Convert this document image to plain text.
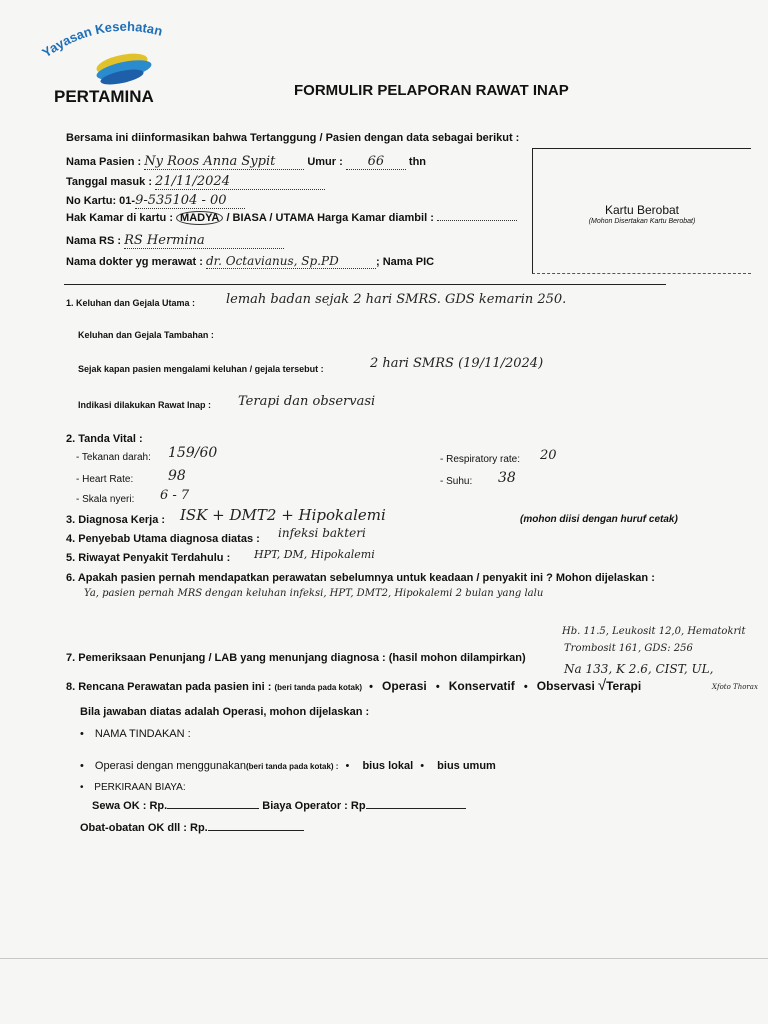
Yayasan Kesehatan
PERTAMINA	FORMULIR PELAPORAN RAWAT INAP
Bersama ini diinformasikan bahwa Tertanggung / Pasien dengan data sebagai berikut :
Nama Pasien : Ny Roos Anna Sypit	Umur : 66 thn
Tanggal masuk : 21/11/2024
No Kartu: 01-9-535104 - 00
Hak Kamar di kartu : MADYA / BIASA / UTAMA Harga Kamar diambil :
Nama RS : RS Hermina
Nama dokter yg merawat : dr. Octavianus, Sp.PD	; Nama PIC
Kartu Berobat
(Mohon Disertakan Kartu Berobat)
1. Keluhan dan Gejala Utama : lemah badan sejak 2 hari SMRS. GDS kemarin 250.
Keluhan dan Gejala Tambahan :
Sejak kapan pasien mengalami keluhan / gejala tersebut :	2 hari SMRS (19/11/2024)
Indikasi dilakukan Rawat Inap : Terapi dan observasi
2. Tanda Vital :
- Tekanan darah: 159/60
- Heart Rate: 98
- Skala nyeri: 6 - 7
- Respiratory rate: 20
- Suhu: 38
3. Diagnosa Kerja : ISK + DMT2 + Hipokalemi	(mohon diisi dengan huruf cetak)
4. Penyebab Utama diagnosa diatas : infeksi bakteri
5. Riwayat Penyakit Terdahulu : HPT, DM, Hipokalemi
6. Apakah pasien pernah mendapatkan perawatan sebelumnya untuk keadaan / penyakit ini ? Mohon dijelaskan :
Ya, pasien pernah MRS dengan keluhan infeksi, HPT, DMT2, Hipokalemi 2 bulan yang lalu
7. Pemeriksaan Penunjang / LAB yang menunjang diagnosa : (hasil mohon dilampirkan)
Hb. 11.5, Leukosit 12,0, Hematokrit
Trombosit 161, GDS: 256
Na 133, K 2.6, CIST, UL,
Xfoto Thorax
8. Rencana Perawatan pada pasien ini : (beri tanda pada kotak) • Operasi • Konservatif • Observasi √Terapi
Bila jawaban diatas adalah Operasi, mohon dijelaskan :
• NAMA TINDAKAN :
• Operasi dengan menggunakan(beri tanda pada kotak) : • bius lokal • bius umum
• PERKIRAAN BIAYA:
Sewa OK : Rp.	Biaya Operator : Rp
Obat-obatan OK dll : Rp.
